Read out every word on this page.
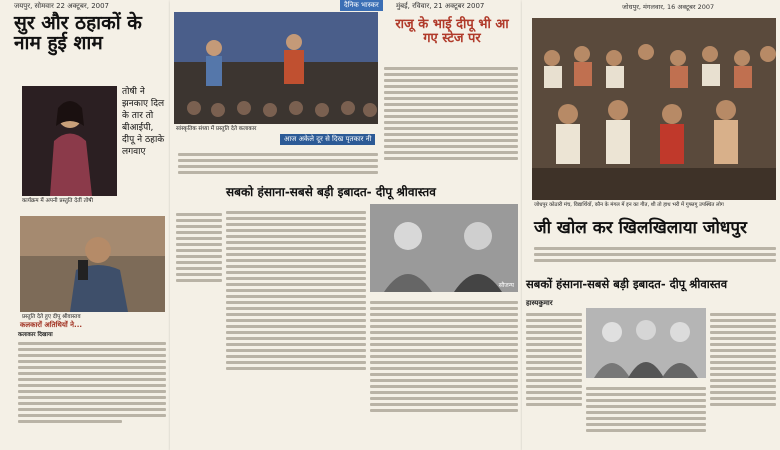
जयपुर, सोमवार 22 अक्टूबर, 2007
सुर और ठहाकों के नाम हुई शाम
तोषी ने झनकाए दिल के तार तो बीआईपी, दीपू ने ठहाके लगवाए
कार्यक्रम में अपनी प्रस्तुति देतीं तोषी
प्रस्तुति देते हुए दीपू श्रीवास्तव
कलकारों अतिथियों ने...
कलाकार दिखाया
दैनिक भास्कर
सांस्कृतिक संध्या में प्रस्तुति देते कलाकार
आज अकेले दूर से दिख पृतकार नी
मुंबई, रविवार, 21 अक्टूबर 2007
राजू के भाई दीपू भी आ गए स्टेज पर
सबको हंसाना-सबसे बड़ी इबादत- दीपू श्रीवास्तव
सौजन्य
जोधपुर, मंगलवार, 16 अक्टूबर 2007
जोधपुर कोठारी मंच, विद्यार्थियों, कौन के मंगल में इन का गीत, शी तो हाथ भरी में गुफ्तगू उपस्थित लोग
जी खोल कर खिलखिलाया जोधपुर
सबकों हंसाना-सबसे बड़ी इबादत- दीपू श्रीवास्तव
हास्यकुमार
